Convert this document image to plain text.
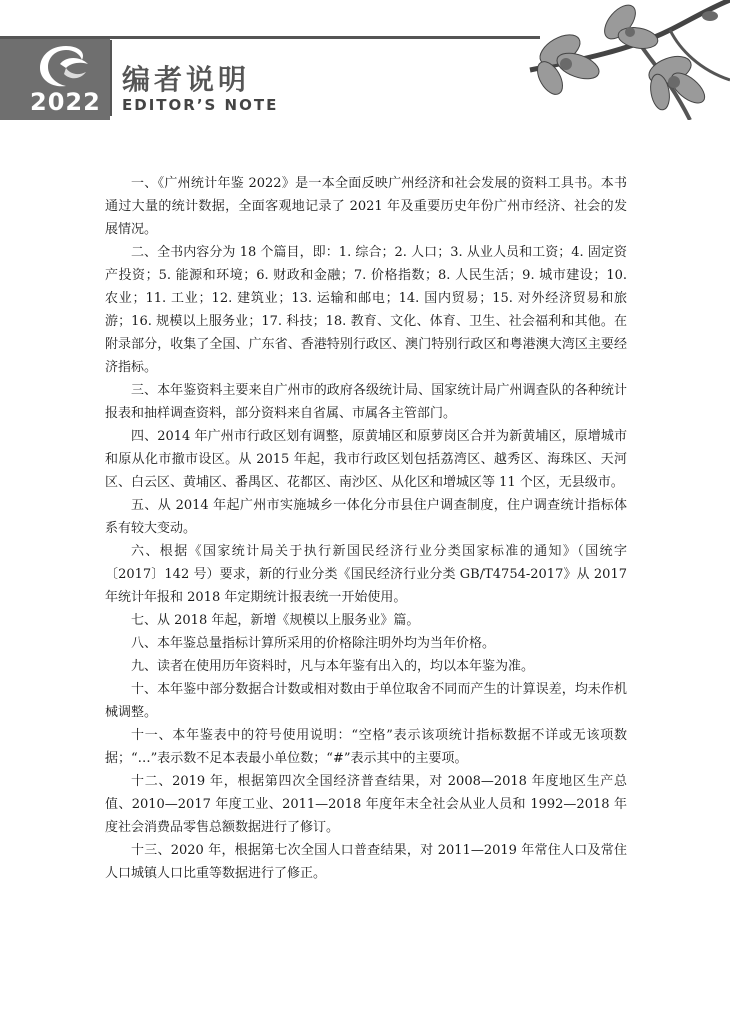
2022
编者说明
EDITOR’S NOTE

一、《广州统计年鉴 2022》是一本全面反映广州经济和社会发展的资料工具书。本书通过大量的统计数据，全面客观地记录了 2021 年及重要历史年份广州市经济、社会的发展情况。

二、全书内容分为 18 个篇目，即：1. 综合；2. 人口；3. 从业人员和工资；4. 固定资产投资；5. 能源和环境；6. 财政和金融；7. 价格指数；8. 人民生活；9. 城市建设；10. 农业；11. 工业；12. 建筑业；13. 运输和邮电；14. 国内贸易；15. 对外经济贸易和旅游；16. 规模以上服务业；17. 科技；18. 教育、文化、体育、卫生、社会福利和其他。在附录部分，收集了全国、广东省、香港特别行政区、澳门特别行政区和粤港澳大湾区主要经济指标。

三、本年鉴资料主要来自广州市的政府各级统计局、国家统计局广州调查队的各种统计报表和抽样调查资料，部分资料来自省属、市属各主管部门。

四、2014 年广州市行政区划有调整，原黄埔区和原萝岗区合并为新黄埔区，原增城市和原从化市撤市设区。从 2015 年起，我市行政区划包括荔湾区、越秀区、海珠区、天河区、白云区、黄埔区、番禺区、花都区、南沙区、从化区和增城区等 11 个区，无县级市。

五、从 2014 年起广州市实施城乡一体化分市县住户调查制度，住户调查统计指标体系有较大变动。

六、根据《国家统计局关于执行新国民经济行业分类国家标准的通知》（国统字〔2017〕142 号）要求，新的行业分类《国民经济行业分类 GB/T4754-2017》从 2017 年统计年报和 2018 年定期统计报表统一开始使用。

七、从 2018 年起，新增《规模以上服务业》篇。

八、本年鉴总量指标计算所采用的价格除注明外均为当年价格。

九、读者在使用历年资料时，凡与本年鉴有出入的，均以本年鉴为准。

十、本年鉴中部分数据合计数或相对数由于单位取舍不同而产生的计算误差，均未作机械调整。

十一、本年鉴表中的符号使用说明：“空格”表示该项统计指标数据不详或无该项数据；“…”表示数不足本表最小单位数；“#”表示其中的主要项。

十二、2019 年，根据第四次全国经济普查结果，对 2008—2018 年度地区生产总值、2010—2017 年度工业、2011—2018 年度年末全社会从业人员和 1992—2018 年度社会消费品零售总额数据进行了修订。

十三、2020 年，根据第七次全国人口普查结果，对 2011—2019 年常住人口及常住人口城镇人口比重等数据进行了修正。
